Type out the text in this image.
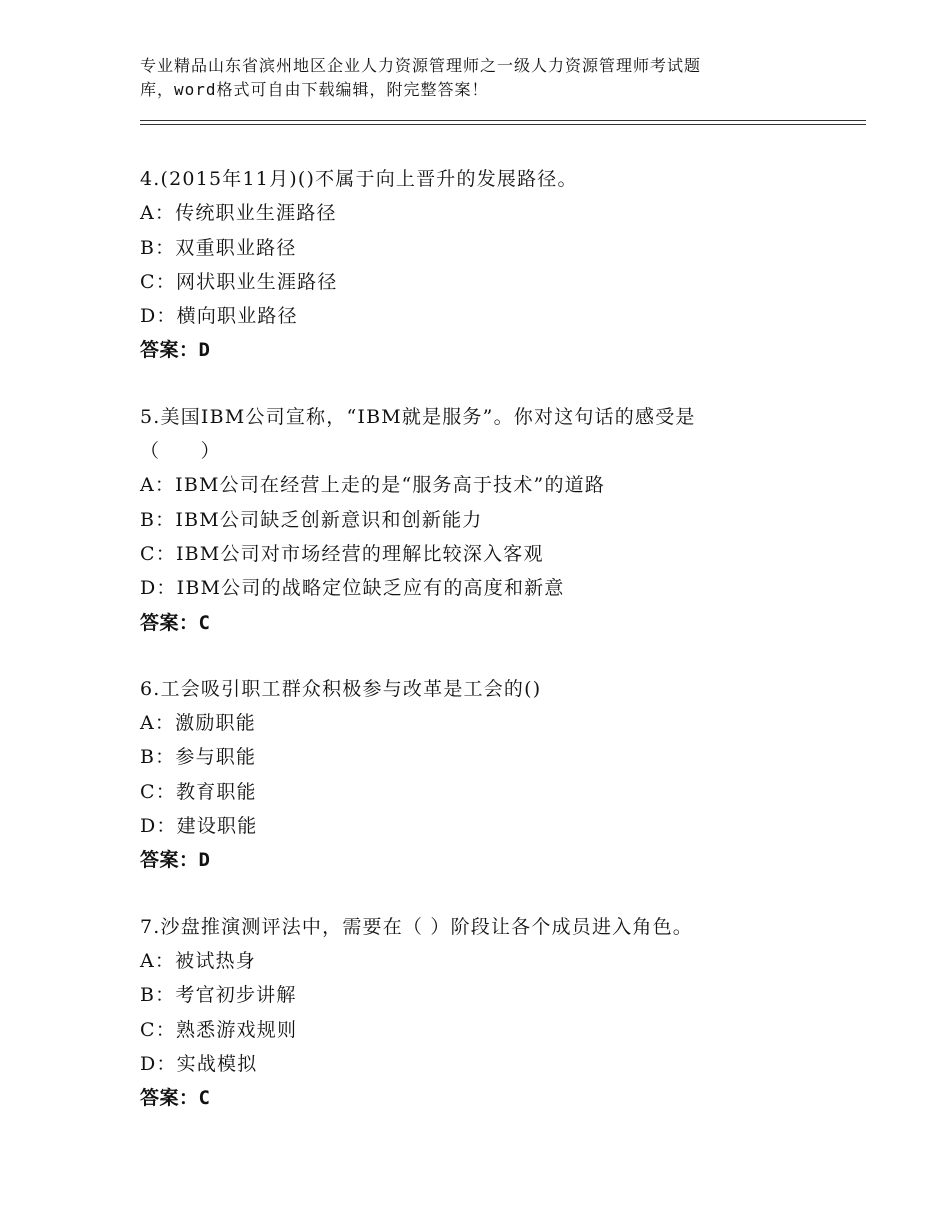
专业精品山东省滨州地区企业人力资源管理师之一级人力资源管理师考试题
库，word格式可自由下载编辑，附完整答案！
4.(2015年11月)()不属于向上晋升的发展路径。
A：传统职业生涯路径
B：双重职业路径
C：网状职业生涯路径
D：横向职业路径
答案：D
5.美国IBM公司宣称，“IBM就是服务”。你对这句话的感受是
（　　）
A：IBM公司在经营上走的是“服务高于技术”的道路
B：IBM公司缺乏创新意识和创新能力
C：IBM公司对市场经营的理解比较深入客观
D：IBM公司的战略定位缺乏应有的高度和新意
答案：C
6.工会吸引职工群众积极参与改革是工会的()
A：激励职能
B：参与职能
C：教育职能
D：建设职能
答案：D
7.沙盘推演测评法中，需要在（ ）阶段让各个成员进入角色。
A：被试热身
B：考官初步讲解
C：熟悉游戏规则
D：实战模拟
答案：C
